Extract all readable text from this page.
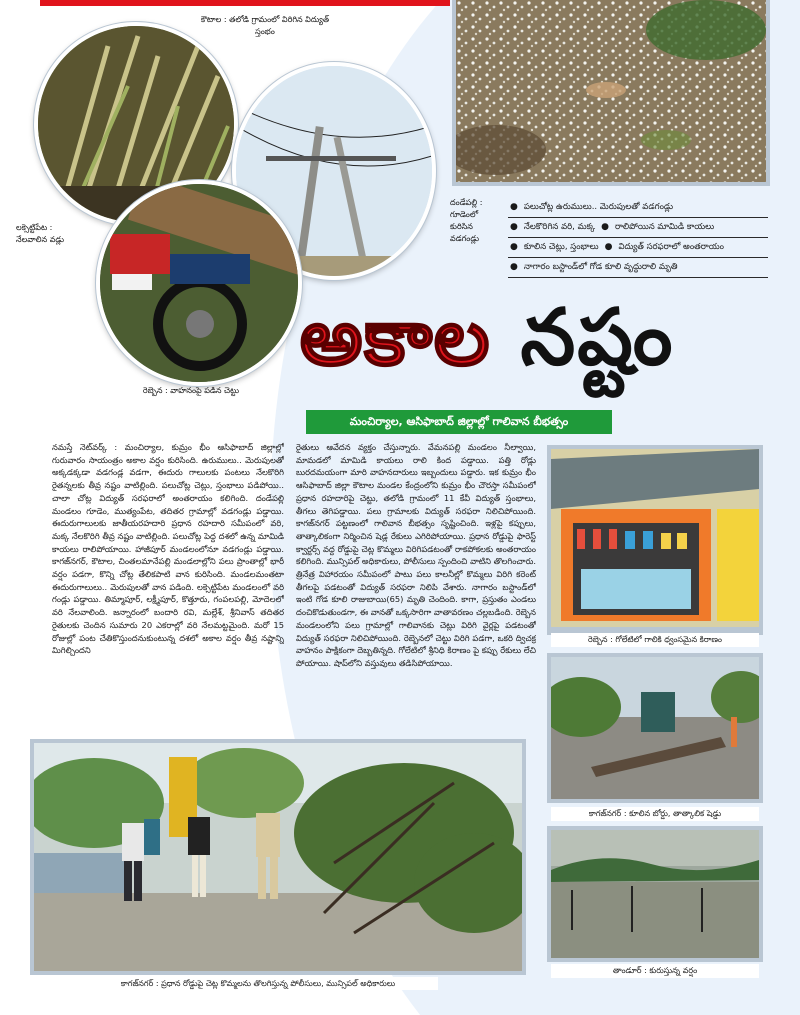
కౌటాల : తలోడి గ్రామంలో విరిగిన విద్యుత్ స్తంభం
లక్సెట్టిపేట : నేలవాలిన వడ్లు
రెబ్బెన : వాహనంపై పడిన చెట్టు
దండేపల్లి : గూడెంలో కురిసిన వడగండ్లు
● పలుచోట్ల ఉరుములు.. మెరుపులతో వడగండ్లు
● నేలకొరిగిన వరి, మక్క ● రాలిపోయిన మామిడి కాయలు
● కూలిన చెట్లు, స్తంభాలు ● విద్యుత్ సరఫరాలో అంతరాయం
● నాగారం బస్టాండ్‌లో గోడ కూలి వృద్ధురాలి మృతి
అకాల నష్టం
మంచిర్యాల, ఆసిఫాబాద్ జిల్లాల్లో గాలివాన బీభత్సం

నమస్తే నెట్‌వర్క్ : మంచిర్యాల, కుమ్రం భీం ఆసిఫాబాద్ జిల్లాల్లో గురువారం సాయంత్రం అకాల వర్షం కురిసింది. ఉరుములు.. మెరుపులతో అక్కడక్కడా వడగండ్ల వడగా, ఈదురు గాలులకు పంటలు నేలకొరిగి రైతన్నలకు తీవ్ర నష్టం వాటిల్లింది. పలుచోట్ల చెట్లు, స్తంభాలు పడిపోయి.. చాలా చోట్ల విద్యుత్ సరఫరాలో అంతరాయం కలిగింది. దండేపల్లి మండలం గూడెం, ముత్యంపేట, తదితర గ్రామాల్లో వడగండ్లు పడ్డాయి. ఈదురుగాలులకు జాతీయరహదారి ప్రధాన రహదారి సమీపంలో వరి, మక్క నేలకొరిగి తీవ్ర నష్టం వాటిల్లింది. పలుచోట్ల పెద్ద దశలో ఉన్న మామిడి కాయలు రాలిపోయాయి. హాజీపూర్ మండలంలోనూ వడగండ్లు పడ్డాయి. కాగజ్‌నగర్, కౌటాల, చింతలమానేపల్లి మండలాల్లోని పలు ప్రాంతాల్లో భారీ వర్షం పడగా, కొన్ని చోట్ల తేలికపాటి వాన కురిసింది. మండలమంతటా ఈదురుగాలులు.. మెరుపులతో వాన పడింది. లక్సెట్టిపేట మండలంలో వరి గండ్లు పడ్డాయి. తిమ్మాపూర్, లక్ష్మీపూర్, కొత్తూరు, గంపలపల్లి, మోదెలలో వరి నేలవాలింది. జన్నారంలో బందారి రవి, మల్లేశ్, శ్రీనివాస్ తదితర రైతులకు చెందిన సుమారు 20 ఎకరాల్లో వరి నేలమట్టమైంది. మరో 15 రోజుల్లో పంట చేతికొస్తుందనుకుంటున్న దశలో అకాల వర్షం తీవ్ర నష్టాన్ని మిగిల్చిందని

రైతులు ఆవేదన వ్యక్తం చేస్తున్నారు. వేమనపల్లి మండలం నీల్వాయి, మామడలో మామిడి కాయలు రాలి కింద పడ్డాయి. పత్తి రోడ్లు బురదమయంగా మారి వాహనదారులు ఇబ్బందులు పడ్డారు. ఇక కుమ్రం భీం ఆసిఫాబాద్ జిల్లా కౌటాల మండల కేంద్రంలోని కుమ్రం భీం చౌరస్తా సమీపంలో ప్రధాన రహదారిపై చెట్టు, తలోడి గ్రామంలో 11 కేవీ విద్యుత్ స్తంభాలు, తీగలు తెగిపడ్డాయి. పలు గ్రామాలకు విద్యుత్ సరఫరా నిలిచిపోయింది. కాగజ్‌నగర్ పట్టణంలో గాలివాన బీభత్సం సృష్టించింది. ఇళ్లపై కప్పులు, తాత్కాలికంగా నిర్మించిన షెడ్ల రేకులు ఎగిరిపోయాయి. ప్రధాన రోడ్డుపై ఫారెస్ట్ క్వార్టర్స్ వద్ద రోడ్డుపై చెట్ల కొమ్మలు విరిగిపడటంతో రాకపోకలకు అంతరాయం కలిగింది. మున్సిపల్ అధికారులు, పోలీసులు స్పందించి వాటిని తొలగించారు. త్రినేత్ర విహారయం సమీపంలో పాటు పలు కాలనీల్లో కొమ్మలు విరిగి కరెంట్ తీగలపై పడటంతో విద్యుత్ సరఫరా నిలిపి వేశారు. నాగారం బస్టాండ్‌లో ఇంటి గోడ కూలి రాజుబాయి(65) మృతి చెందింది. కాగా, ప్రస్తుతం ఎండలు దంచికొడుతుండగా, ఈ వానతో ఒక్కసారిగా వాతావరణం చల్లబడింది. రెబ్బెన మండలంలోని పలు గ్రామాల్లో గాలివానకు చెట్లు విరిగి వైర్లపై పడటంతో విద్యుత్ సరఫరా నిలిచిపోయింది. రెబ్బెనలో చెట్టు విరిగి పడగా, ఒకరి ద్విచక్ర వాహనం పాక్షికంగా దెబ్బతిన్నది. గోలేటిలో శ్రీనిధి కిరాణం పై కప్పు రేకులు లేచి పోయాయి. షాప్‌లోని వస్తువులు తడిసిపోయాయి.

రెబ్బెన : గోలేటిలో గాలికి ధ్వంసమైన కిరాణం
కాగజ్‌నగర్ : కూలిన బోర్డు, తాత్కాలిక షెడ్డు
తాండూర్ : కురుస్తున్న వర్షం
కాగజ్‌నగర్ : ప్రధాన రోడ్డుపై చెట్ల కొమ్మలను తొలగిస్తున్న పోలీసులు, మున్సిపల్ అధికారులు
